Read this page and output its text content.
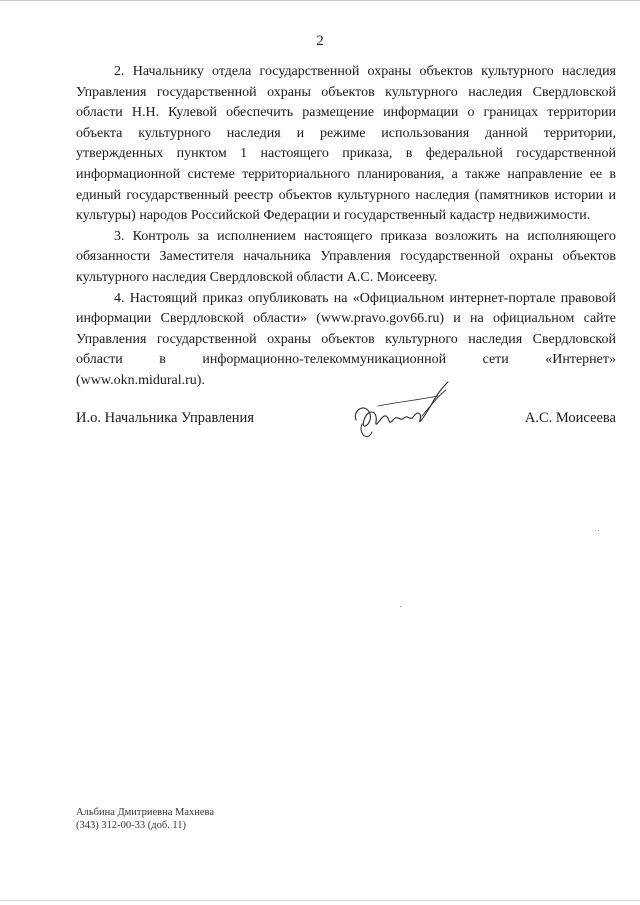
2

2. Начальнику отдела государственной охраны объектов культурного наследия Управления государственной охраны объектов культурного наследия Свердловской области Н.Н. Кулевой обеспечить размещение информации о границах территории объекта культурного наследия и режиме использования данной территории, утвержденных пунктом 1 настоящего приказа, в федеральной государственной информационной системе территориального планирования, а также направление ее в единый государственный реестр объектов культурного наследия (памятников истории и культуры) народов Российской Федерации и государственный кадастр недвижимости.

3. Контроль за исполнением настоящего приказа возложить на исполняющего обязанности Заместителя начальника Управления государственной охраны объектов культурного наследия Свердловской области А.С. Моисееву.

4. Настоящий приказ опубликовать на «Официальном интернет-портале правовой информации Свердловской области» (www.pravo.gov66.ru) и на официальном сайте Управления государственной охраны объектов культурного наследия Свердловской области в информационно-телекоммуникационной сети «Интернет» (www.okn.midural.ru).

И.о. Начальника Управления	А.С. Моисеева
Альбина Дмитриевна Махнева
(343) 312-00-33 (доб. 11)
